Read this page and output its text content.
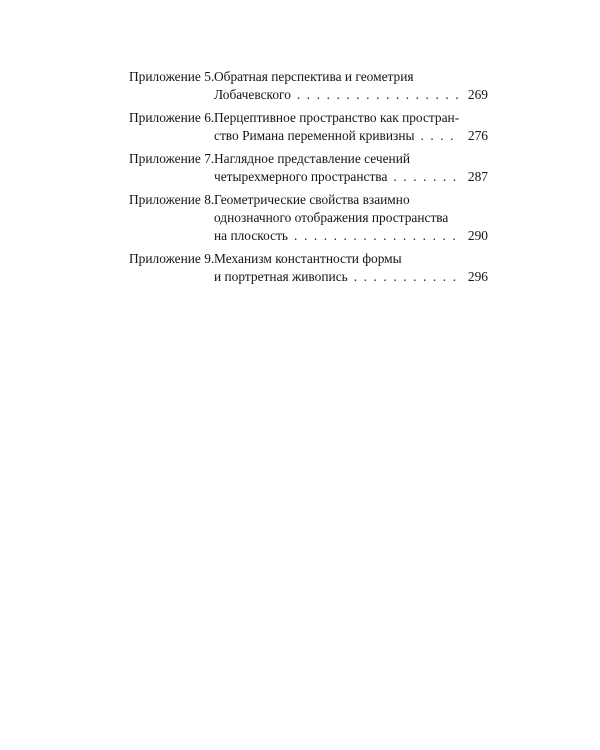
Приложение 5. Обратная перспектива и геометрия
Лобачевского . . .	269
Приложение 6. Перцептивное пространство как простран-
ство Римана переменной кривизны . . .	276
Приложение 7. Наглядное представление сечений
четырехмерного пространства . . .	287
Приложение 8. Геометрические свойства взаимно
однозначного отображения пространства
на плоскость . . .	290
Приложение 9. Механизм константности формы
и портретная живопись . . .	296
